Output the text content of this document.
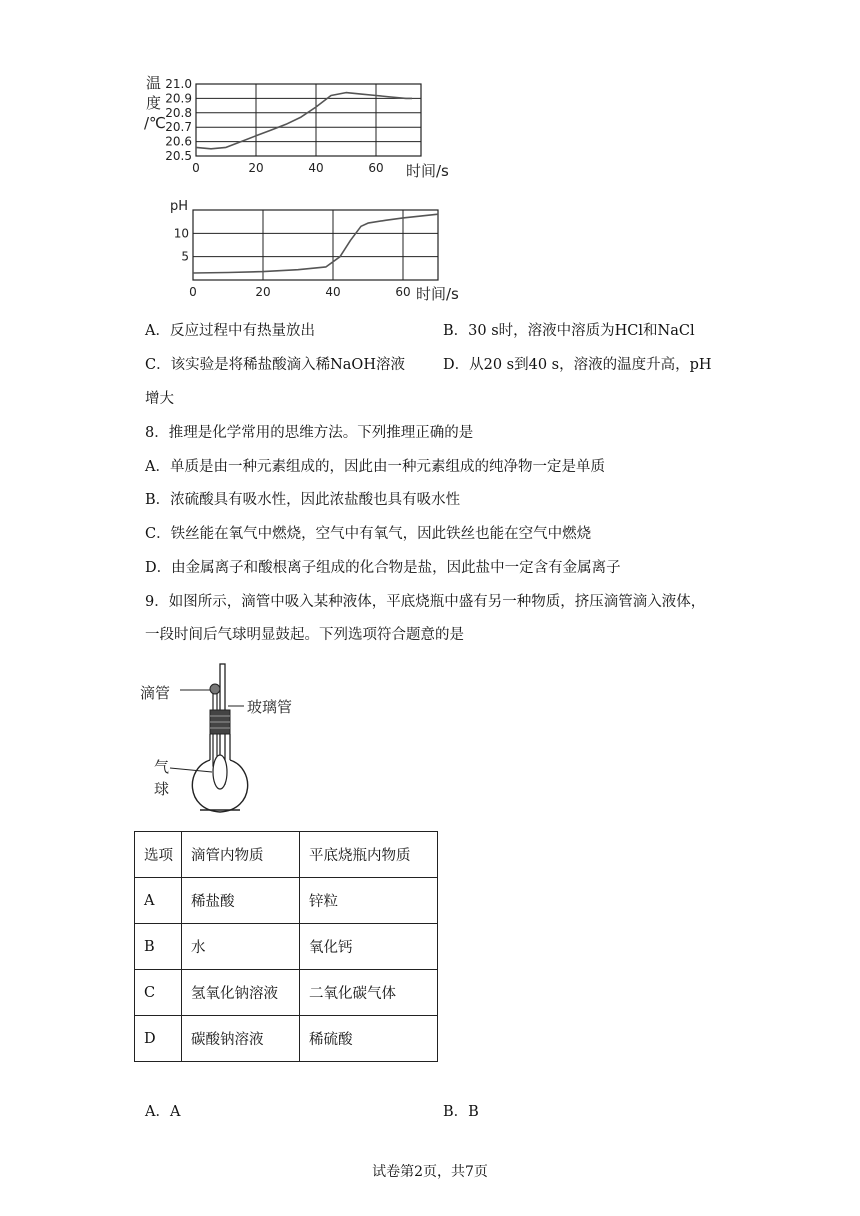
20.5
20.6
20.7
20.8
20.9
21.0
0	20	40	60
温
度
/℃
时间/s
5
10
0	20	40	60
pH
时间/s
A．反应过程中有热量放出	B．30 s时，溶液中溶质为HCl和NaCl
C．该实验是将稀盐酸滴入稀NaOH溶液	D．从20 s到40 s，溶液的温度升高，pH
增大
8．推理是化学常用的思维方法。下列推理正确的是
A．单质是由一种元素组成的，因此由一种元素组成的纯净物一定是单质
B．浓硫酸具有吸水性，因此浓盐酸也具有吸水性
C．铁丝能在氧气中燃烧，空气中有氧气，因此铁丝也能在空气中燃烧
D．由金属离子和酸根离子组成的化合物是盐，因此盐中一定含有金属离子
9．如图所示，滴管中吸入某种液体，平底烧瓶中盛有另一种物质，挤压滴管滴入液体，
一段时间后气球明显鼓起。下列选项符合题意的是
滴管
玻璃管
气
球
选项	滴管内物质	平底烧瓶内物质
A	稀盐酸	锌粒
B	水	氧化钙
C	氢氧化钠溶液	二氧化碳气体
D	碳酸钠溶液	稀硫酸
A．A	B．B
试卷第2页，共7页
